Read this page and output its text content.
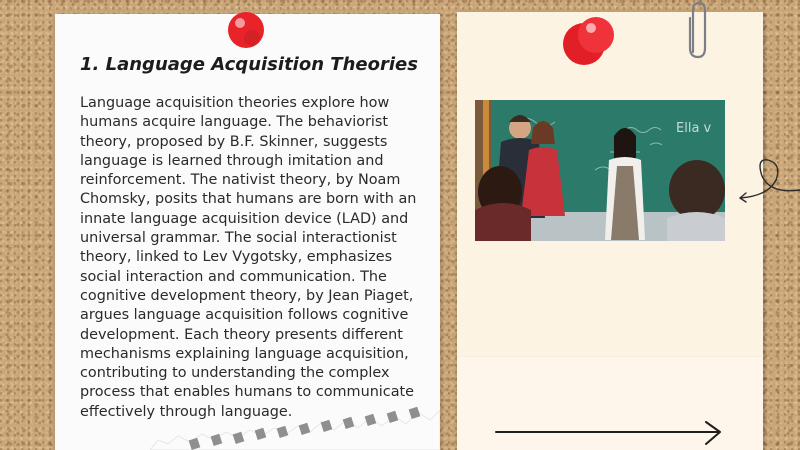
1. Language Acquisition Theories

Language acquisition theories explore how humans acquire language. The behaviorist theory, proposed by B.F. Skinner, suggests language is learned through imitation and reinforcement. The nativist theory, by Noam Chomsky, posits that humans are born with an innate language acquisition device (LAD) and universal grammar. The social interactionist theory, linked to Lev Vygotsky, emphasizes social interaction and communication. The cognitive development theory, by Jean Piaget, argues language acquisition follows cognitive development. Each theory presents different mechanisms explaining language acquisition, contributing to understanding the complex process that enables humans to communicate effectively through language.

Ella v
